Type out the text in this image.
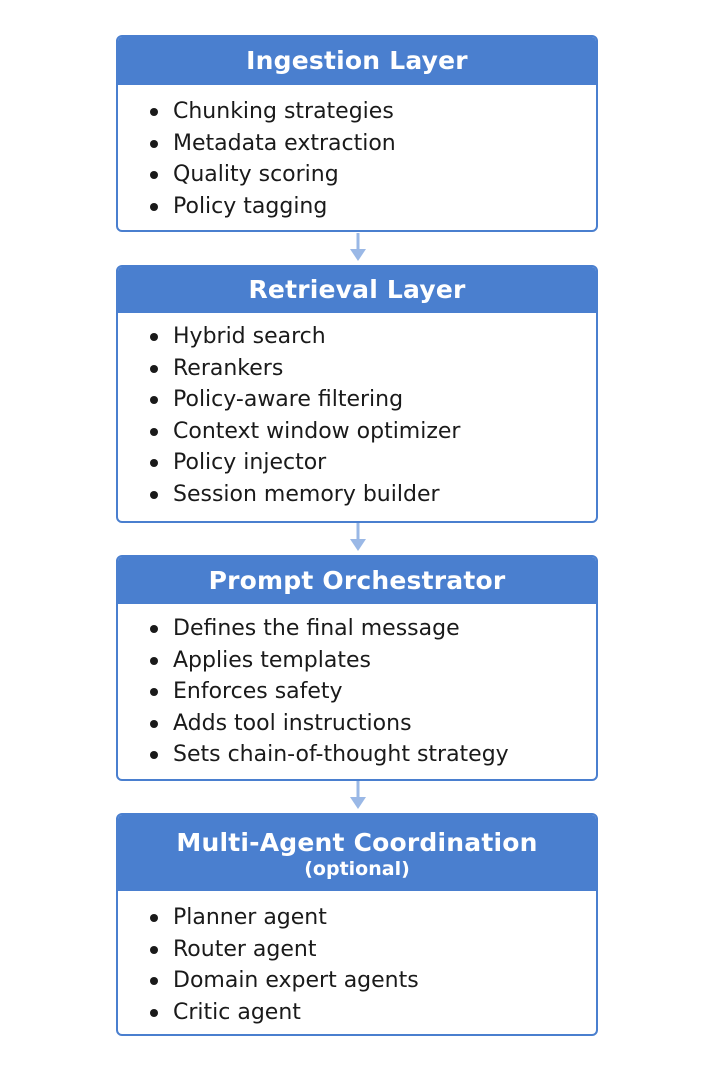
Ingestion Layer
Chunking strategies
Metadata extraction
Quality scoring
Policy tagging
Retrieval Layer
Hybrid search
Rerankers
Policy-aware filtering
Context window optimizer
Policy injector
Session memory builder
Prompt Orchestrator
Defines the final message
Applies templates
Enforces safety
Adds tool instructions
Sets chain-of-thought strategy
Multi-Agent Coordination
(optional)
Planner agent
Router agent
Domain expert agents
Critic agent
